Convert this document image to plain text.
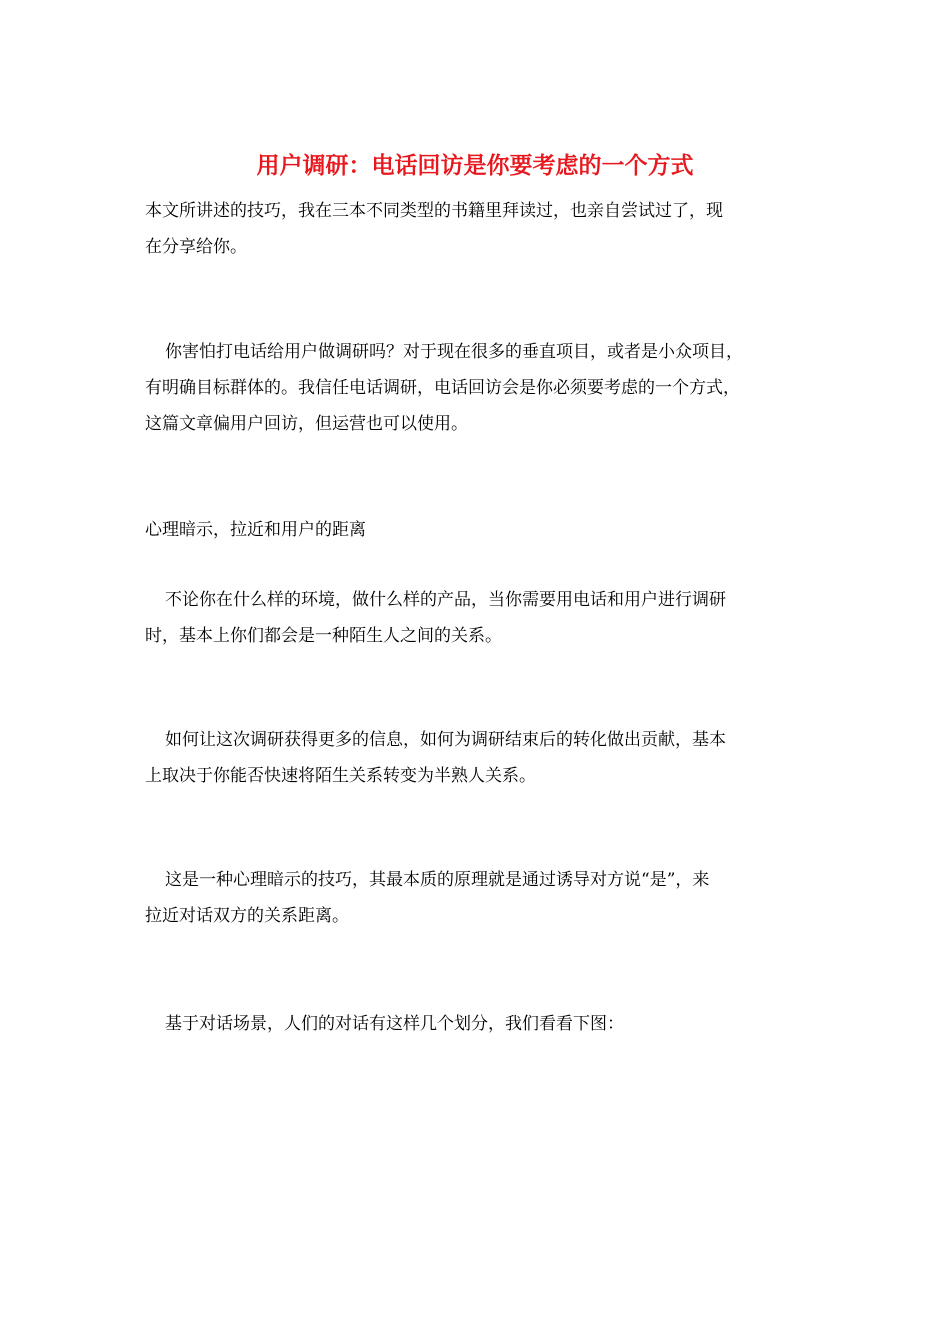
用户调研：电话回访是你要考虑的一个方式
本文所讲述的技巧，我在三本不同类型的书籍里拜读过，也亲自尝试过了，现
在分享给你。
你害怕打电话给用户做调研吗？对于现在很多的垂直项目，或者是小众项目，
有明确目标群体的。我信任电话调研，电话回访会是你必须要考虑的一个方式，
这篇文章偏用户回访，但运营也可以使用。
心理暗示，拉近和用户的距离
不论你在什么样的环境，做什么样的产品，当你需要用电话和用户进行调研
时，基本上你们都会是一种陌生人之间的关系。
如何让这次调研获得更多的信息，如何为调研结束后的转化做出贡献，基本
上取决于你能否快速将陌生关系转变为半熟人关系。
这是一种心理暗示的技巧，其最本质的原理就是通过诱导对方说“是”，来
拉近对话双方的关系距离。
基于对话场景，人们的对话有这样几个划分，我们看看下图：
